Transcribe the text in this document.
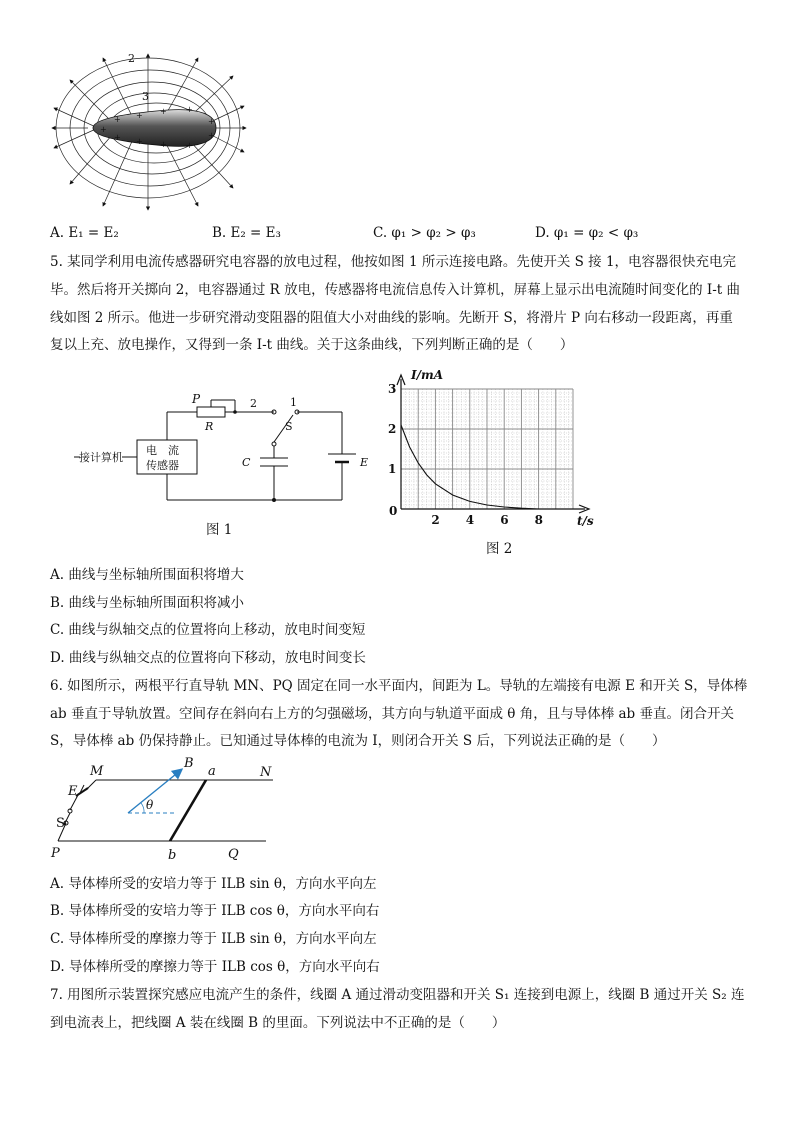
+
+
+
+
+
+
+
+
+
+
+
2
3
A. E₁ = E₂	B. E₂ = E₃	C. φ₁ > φ₂ > φ₃	D. φ₁ = φ₂ < φ₃
5. 某同学利用电流传感器研究电容器的放电过程，他按如图 1 所示连接电路。先使开关 S 接 1，电容器很快充电完
毕。然后将开关掷向 2，电容器通过 R 放电，传感器将电流信息传入计算机，屏幕上显示出电流随时间变化的 I-t 曲
线如图 2 所示。他进一步研究滑动变阻器的阻值大小对曲线的影响。先断开 S，将滑片 P 向右移动一段距离，再重
复以上充、放电操作，又得到一条 I-t 曲线。关于这条曲线，下列判断正确的是（　　）
P
R
2	1
S
C	E
接计算机
电　流
传感器
图 1
2 4 6 8
1
2
3
I/mA
t/s
0
图 2
A. 曲线与坐标轴所围面积将增大
B. 曲线与坐标轴所围面积将减小
C. 曲线与纵轴交点的位置将向上移动，放电时间变短
D. 曲线与纵轴交点的位置将向下移动，放电时间变长
6. 如图所示，两根平行直导轨 MN、PQ 固定在同一水平面内，间距为 L。导轨的左端接有电源 E 和开关 S，导体棒
ab 垂直于导轨放置。空间存在斜向右上方的匀强磁场，其方向与轨道平面成 θ 角，且与导体棒 ab 垂直。闭合开关
S，导体棒 ab 仍保持静止。已知通过导体棒的电流为 I，则闭合开关 S 后，下列说法正确的是（　　）
M	N
P	Q
a
b
B
E
S
θ
A. 导体棒所受的安培力等于 ILB sin θ，方向水平向左
B. 导体棒所受的安培力等于 ILB cos θ，方向水平向右
C. 导体棒所受的摩擦力等于 ILB sin θ，方向水平向左
D. 导体棒所受的摩擦力等于 ILB cos θ，方向水平向右
7. 用图所示装置探究感应电流产生的条件，线圈 A 通过滑动变阻器和开关 S₁ 连接到电源上，线圈 B 通过开关 S₂ 连
到电流表上，把线圈 A 装在线圈 B 的里面。下列说法中不正确的是（　　）
